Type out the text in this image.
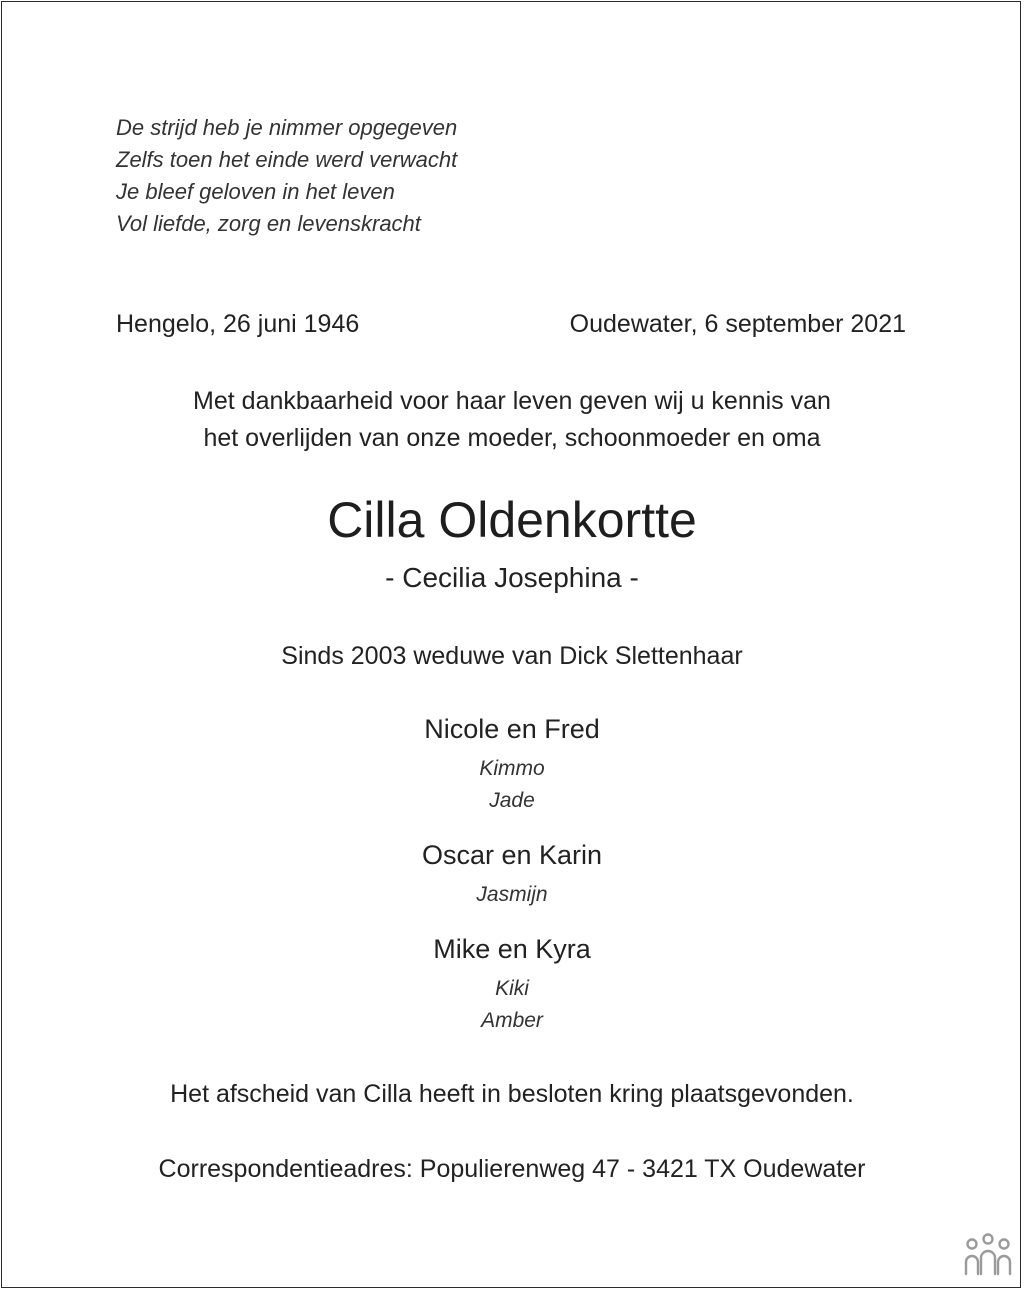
De strijd heb je nimmer opgegeven
Zelfs toen het einde werd verwacht
Je bleef geloven in het leven
Vol liefde, zorg en levenskracht
Hengelo, 26 juni 1946	Oudewater, 6 september 2021
Met dankbaarheid voor haar leven geven wij u kennis van
het overlijden van onze moeder, schoonmoeder en oma
Cilla Oldenkortte
- Cecilia Josephina -
Sinds 2003 weduwe van Dick Slettenhaar
Nicole en Fred
Kimmo
Jade
Oscar en Karin
Jasmijn
Mike en Kyra
Kiki
Amber
Het afscheid van Cilla heeft in besloten kring plaatsgevonden.
Correspondentieadres: Populierenweg 47 - 3421 TX Oudewater
